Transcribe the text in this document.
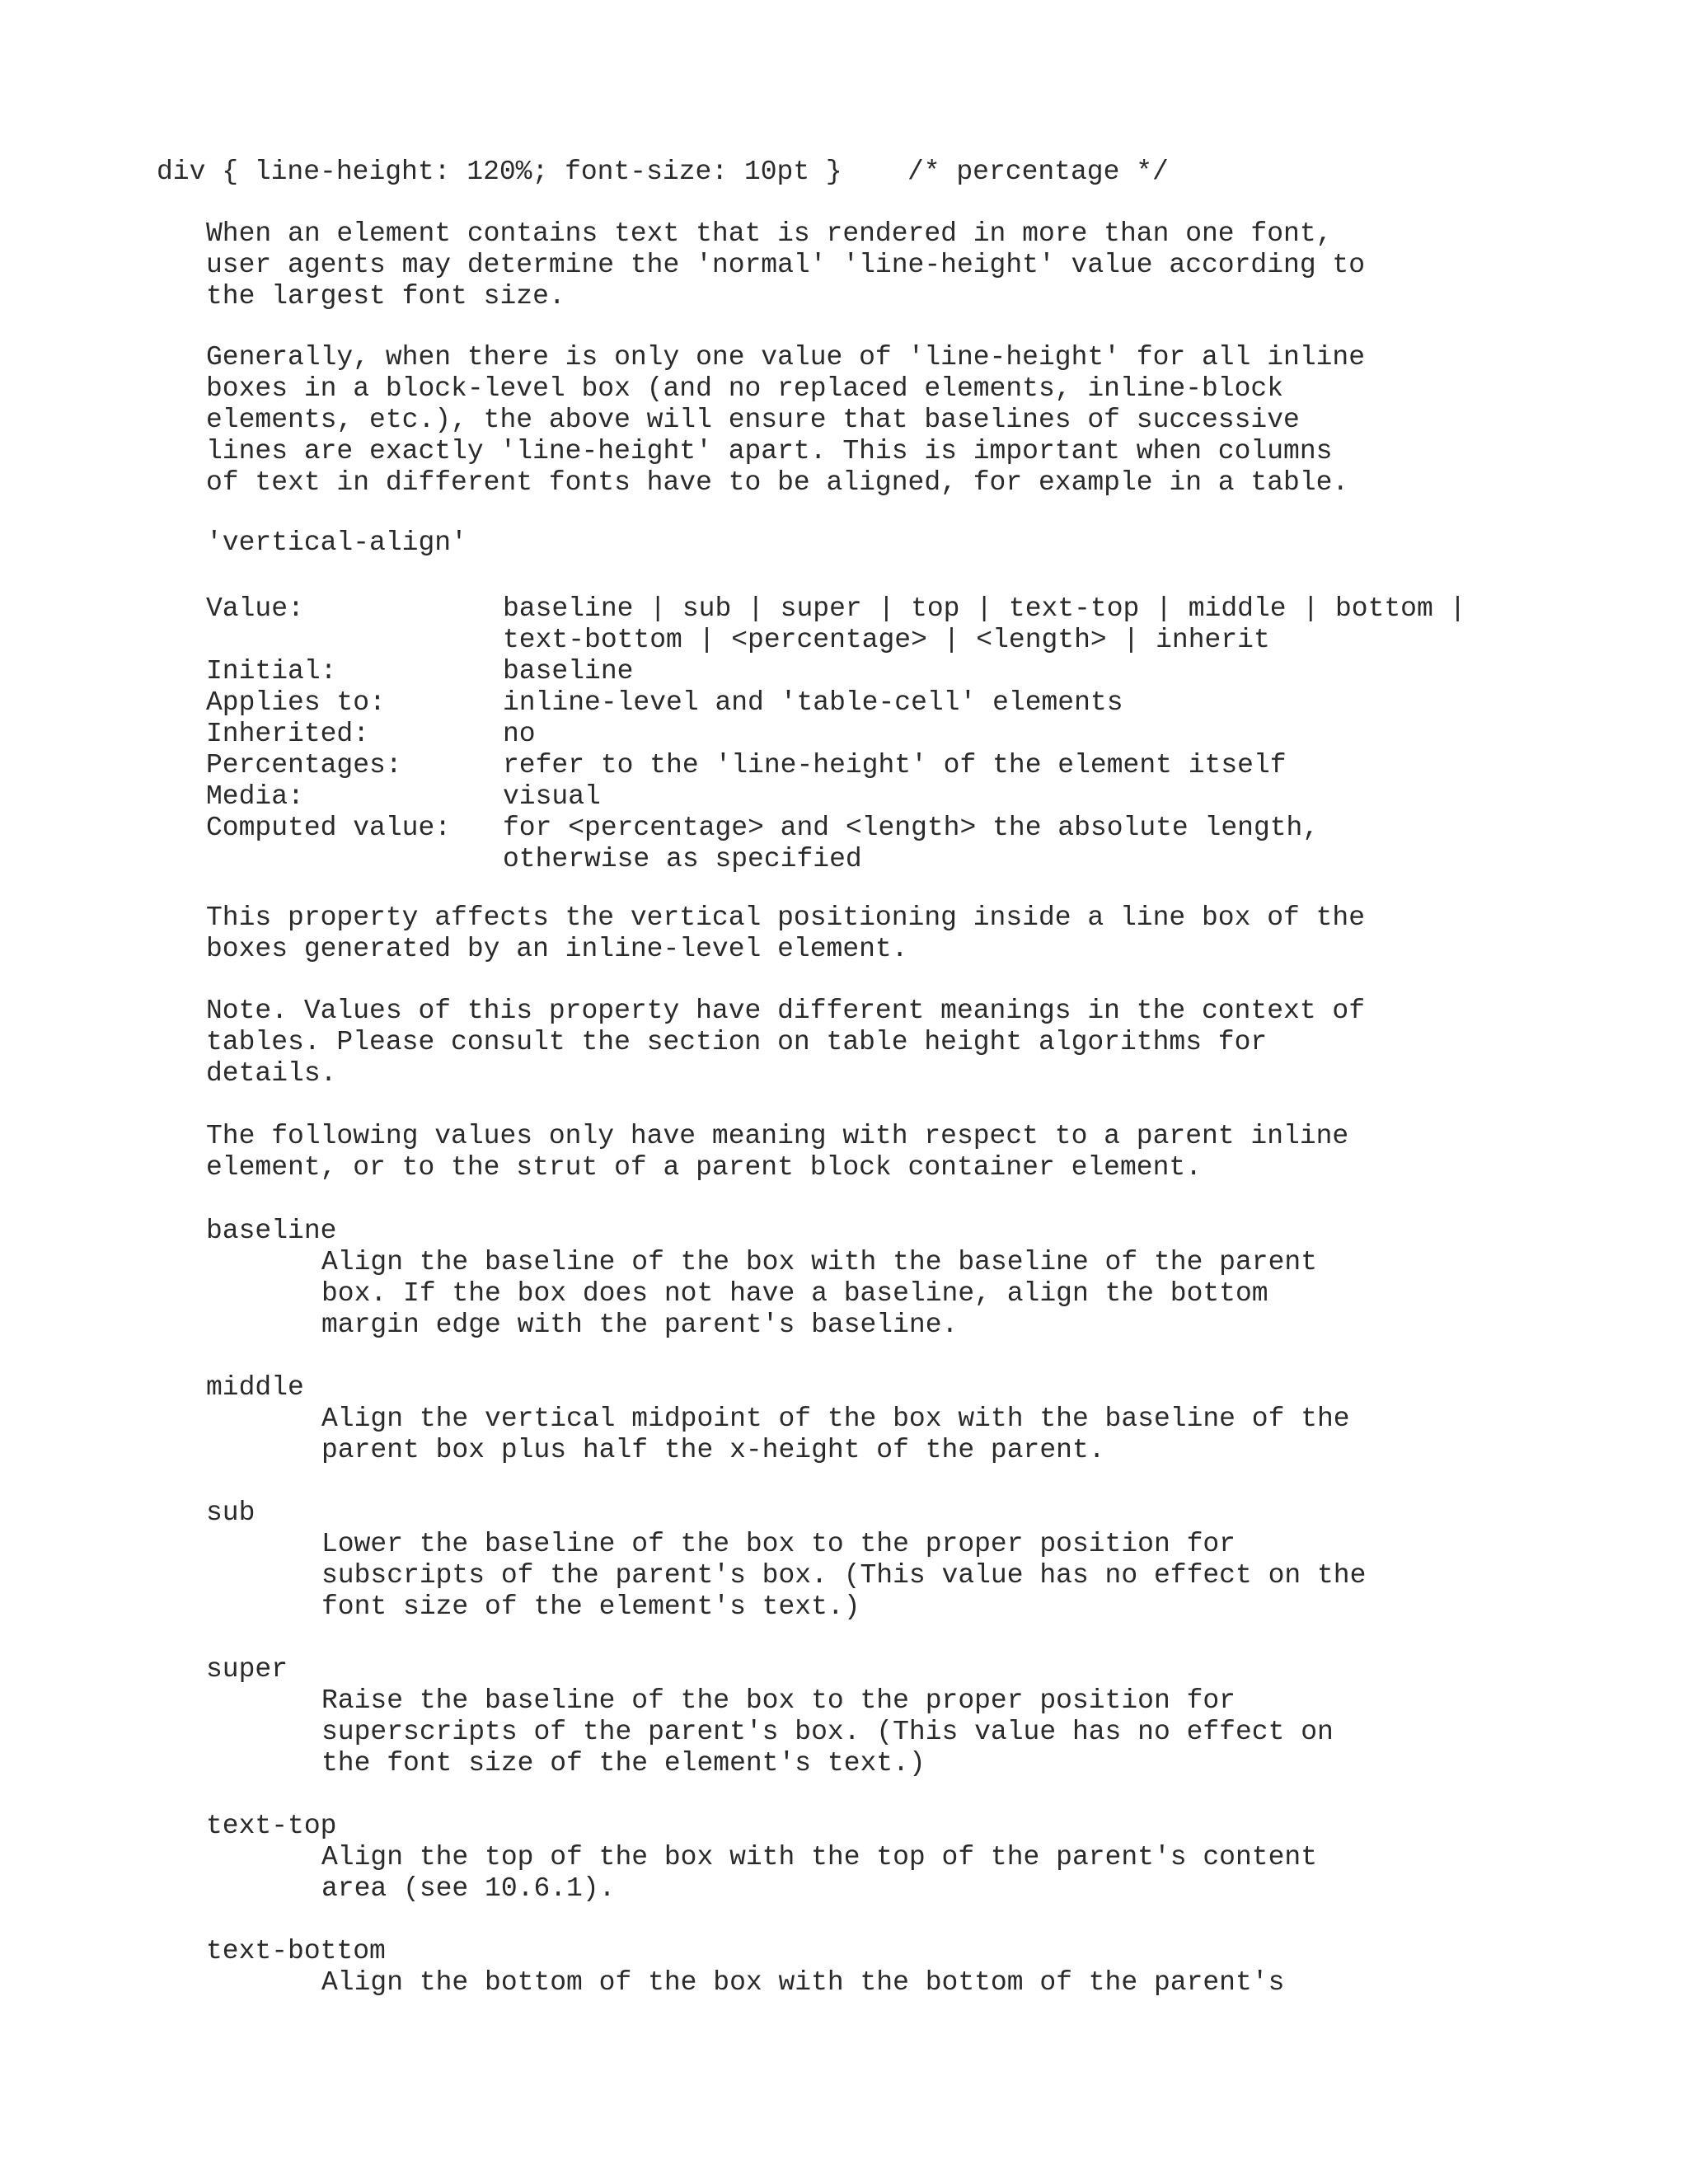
div { line-height: 120%; font-size: 10pt }    /* percentage */

When an element contains text that is rendered in more than one font,
user agents may determine the 'normal' 'line-height' value according to
the largest font size.

Generally, when there is only one value of 'line-height' for all inline
boxes in a block-level box (and no replaced elements, inline-block
elements, etc.), the above will ensure that baselines of successive
lines are exactly 'line-height' apart. This is important when columns
of text in different fonts have to be aligned, for example in a table.

'vertical-align'
Value:	baseline | sub | super | top | text-top | middle | bottom |
text-bottom | <percentage> | <length> | inherit
Initial:	baseline
Applies to:	inline-level and 'table-cell' elements
Inherited:	no
Percentages:	refer to the 'line-height' of the element itself
Media:	visual
Computed value:	for <percentage> and <length> the absolute length,
otherwise as specified

This property affects the vertical positioning inside a line box of the
boxes generated by an inline-level element.

Note. Values of this property have different meanings in the context of
tables. Please consult the section on table height algorithms for
details.

The following values only have meaning with respect to a parent inline
element, or to the strut of a parent block container element.

baseline
Align the baseline of the box with the baseline of the parent
box. If the box does not have a baseline, align the bottom
margin edge with the parent's baseline.
middle
Align the vertical midpoint of the box with the baseline of the
parent box plus half the x-height of the parent.
sub
Lower the baseline of the box to the proper position for
subscripts of the parent's box. (This value has no effect on the
font size of the element's text.)
super
Raise the baseline of the box to the proper position for
superscripts of the parent's box. (This value has no effect on
the font size of the element's text.)
text-top
Align the top of the box with the top of the parent's content
area (see 10.6.1).
text-bottom
Align the bottom of the box with the bottom of the parent's
